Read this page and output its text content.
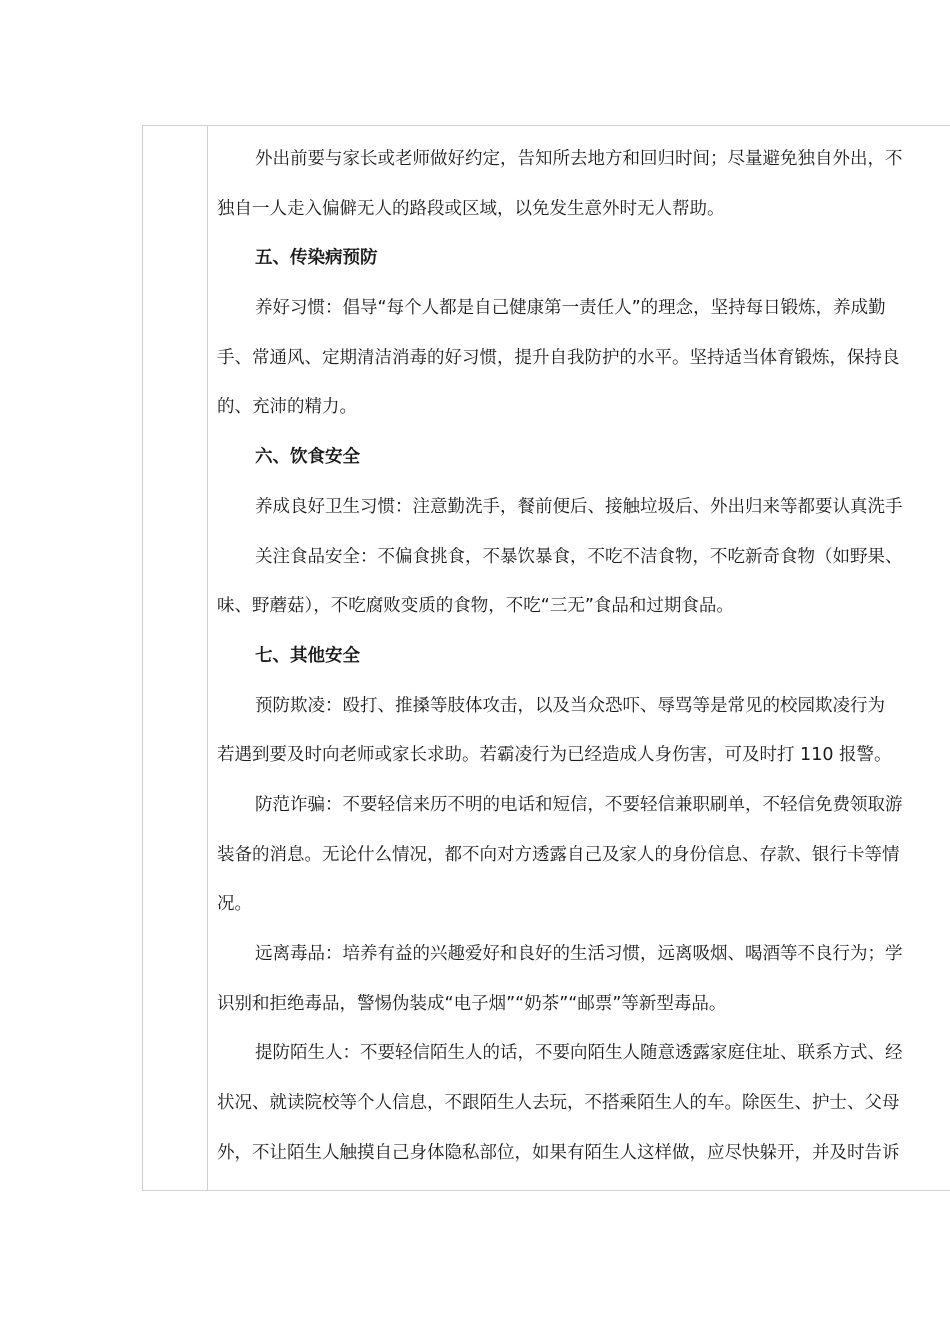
外出前要与家长或老师做好约定，告知所去地方和回归时间；尽量避免独自外出，不
独自一人走入偏僻无人的路段或区域，以免发生意外时无人帮助。
五、传染病预防
养好习惯：倡导“每个人都是自己健康第一责任人”的理念，坚持每日锻炼，养成勤
手、常通风、定期清洁消毒的好习惯，提升自我防护的水平。坚持适当体育锻炼，保持良
的、充沛的精力。
六、饮食安全
养成良好卫生习惯：注意勤洗手，餐前便后、接触垃圾后、外出归来等都要认真洗手
关注食品安全：不偏食挑食，不暴饮暴食，不吃不洁食物，不吃新奇食物（如野果、
味、野蘑菇），不吃腐败变质的食物，不吃“三无”食品和过期食品。
七、其他安全
预防欺凌：殴打、推搡等肢体攻击，以及当众恐吓、辱骂等是常见的校园欺凌行为
若遇到要及时向老师或家长求助。若霸凌行为已经造成人身伤害，可及时打 110 报警。
防范诈骗：不要轻信来历不明的电话和短信，不要轻信兼职刷单，不轻信免费领取游
装备的消息。无论什么情况，都不向对方透露自己及家人的身份信息、存款、银行卡等情
况。
远离毒品：培养有益的兴趣爱好和良好的生活习惯，远离吸烟、喝酒等不良行为；学
识别和拒绝毒品，警惕伪装成“电子烟”“奶茶”“邮票”等新型毒品。
提防陌生人：不要轻信陌生人的话，不要向陌生人随意透露家庭住址、联系方式、经
状况、就读院校等个人信息，不跟陌生人去玩，不搭乘陌生人的车。除医生、护士、父母
外，不让陌生人触摸自己身体隐私部位，如果有陌生人这样做，应尽快躲开，并及时告诉
